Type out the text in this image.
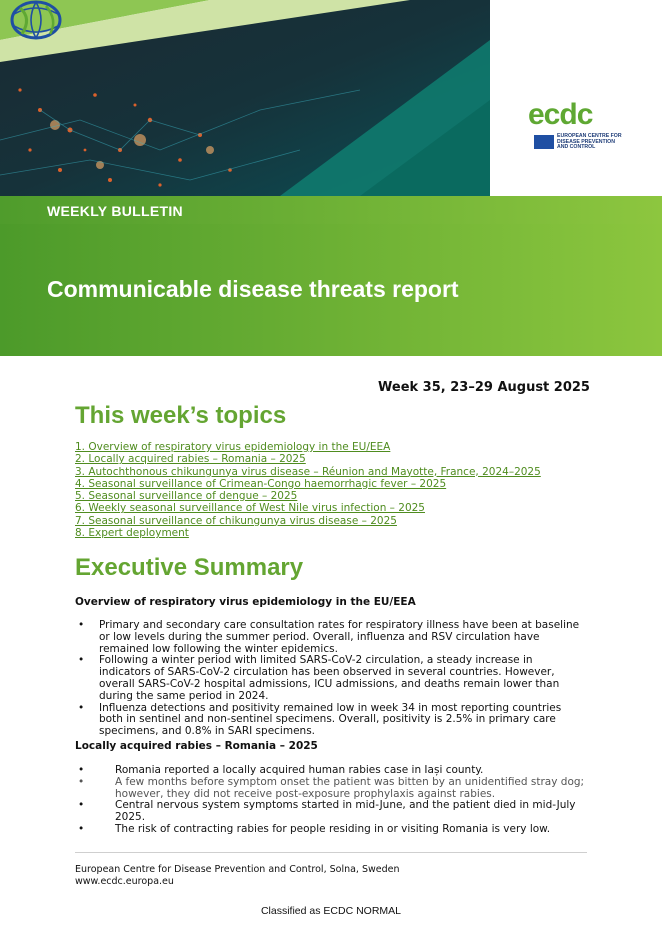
WEEKLY BULLETIN
Communicable disease threats report
ecdc
EUROPEAN CENTRE FOR DISEASE PREVENTION AND CONTROL
Week 35, 23–29 August 2025
This week’s topics
1. Overview of respiratory virus epidemiology in the EU/EEA
2. Locally acquired rabies – Romania – 2025
3. Autochthonous chikungunya virus disease – Réunion and Mayotte, France, 2024–2025
4. Seasonal surveillance of Crimean-Congo haemorrhagic fever – 2025
5. Seasonal surveillance of dengue – 2025
6. Weekly seasonal surveillance of West Nile virus infection – 2025
7. Seasonal surveillance of chikungunya virus disease – 2025
8. Expert deployment
Executive Summary
Overview of respiratory virus epidemiology in the EU/EEA
• Primary and secondary care consultation rates for respiratory illness have been at baseline or low levels during the summer period. Overall, influenza and RSV circulation have remained low following the winter epidemics.
• Following a winter period with limited SARS-CoV-2 circulation, a steady increase in indicators of SARS-CoV-2 circulation has been observed in several countries. However, overall SARS-CoV-2 hospital admissions, ICU admissions, and deaths remain lower than during the same period in 2024.
• Influenza detections and positivity remained low in week 34 in most reporting countries both in sentinel and non-sentinel specimens. Overall, positivity is 2.5% in primary care specimens, and 0.8% in SARI specimens.
Locally acquired rabies – Romania – 2025
•	Romania reported a locally acquired human rabies case in Iași county.
•	A few months before symptom onset the patient was bitten by an unidentified stray dog; however, they did not receive post-exposure prophylaxis against rabies.
•	Central nervous system symptoms started in mid-June, and the patient died in mid-July 2025.
•	The risk of contracting rabies for people residing in or visiting Romania is very low.
European Centre for Disease Prevention and Control, Solna, Sweden
www.ecdc.europa.eu
Classified as ECDC NORMAL
